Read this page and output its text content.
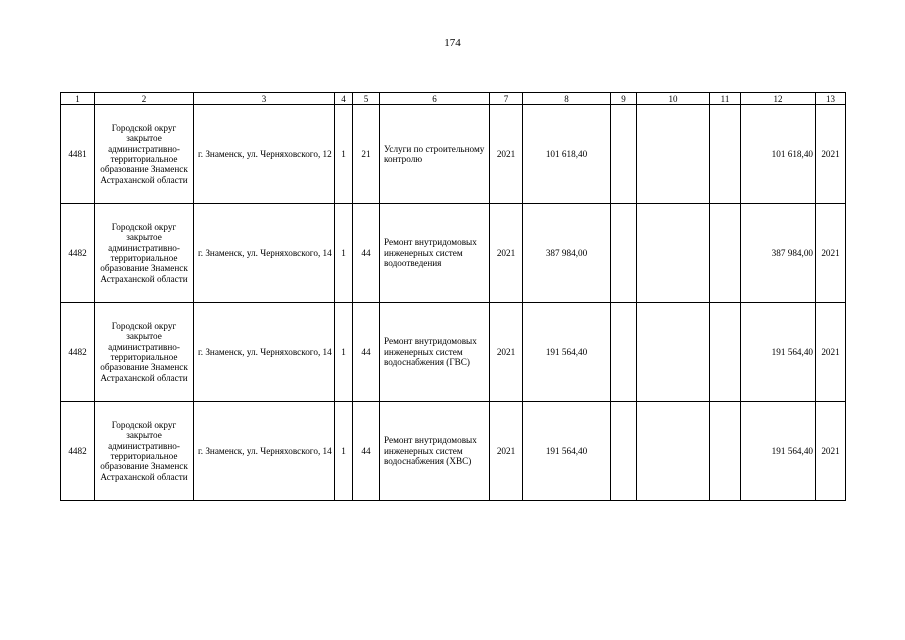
174
1	2	3	4	5	6	7	8	9	10	11	12	13
4481	Городской округ закрытое административно-территориальное образование Знаменск Астраханской области	г. Знаменск, ул. Черняховского, 12	1	21	Услуги по строительному контролю	2021	101 618,40				101 618,40	2021
4482	Городской округ закрытое административно-территориальное образование Знаменск Астраханской области	г. Знаменск, ул. Черняховского, 14	1	44	Ремонт внутридомовых инженерных систем водоотведения	2021	387 984,00				387 984,00	2021
4482	Городской округ закрытое административно-территориальное образование Знаменск Астраханской области	г. Знаменск, ул. Черняховского, 14	1	44	Ремонт внутридомовых инженерных систем водоснабжения (ГВС)	2021	191 564,40				191 564,40	2021
4482	Городской округ закрытое административно-территориальное образование Знаменск Астраханской области	г. Знаменск, ул. Черняховского, 14	1	44	Ремонт внутридомовых инженерных систем водоснабжения (ХВС)	2021	191 564,40				191 564,40	2021
